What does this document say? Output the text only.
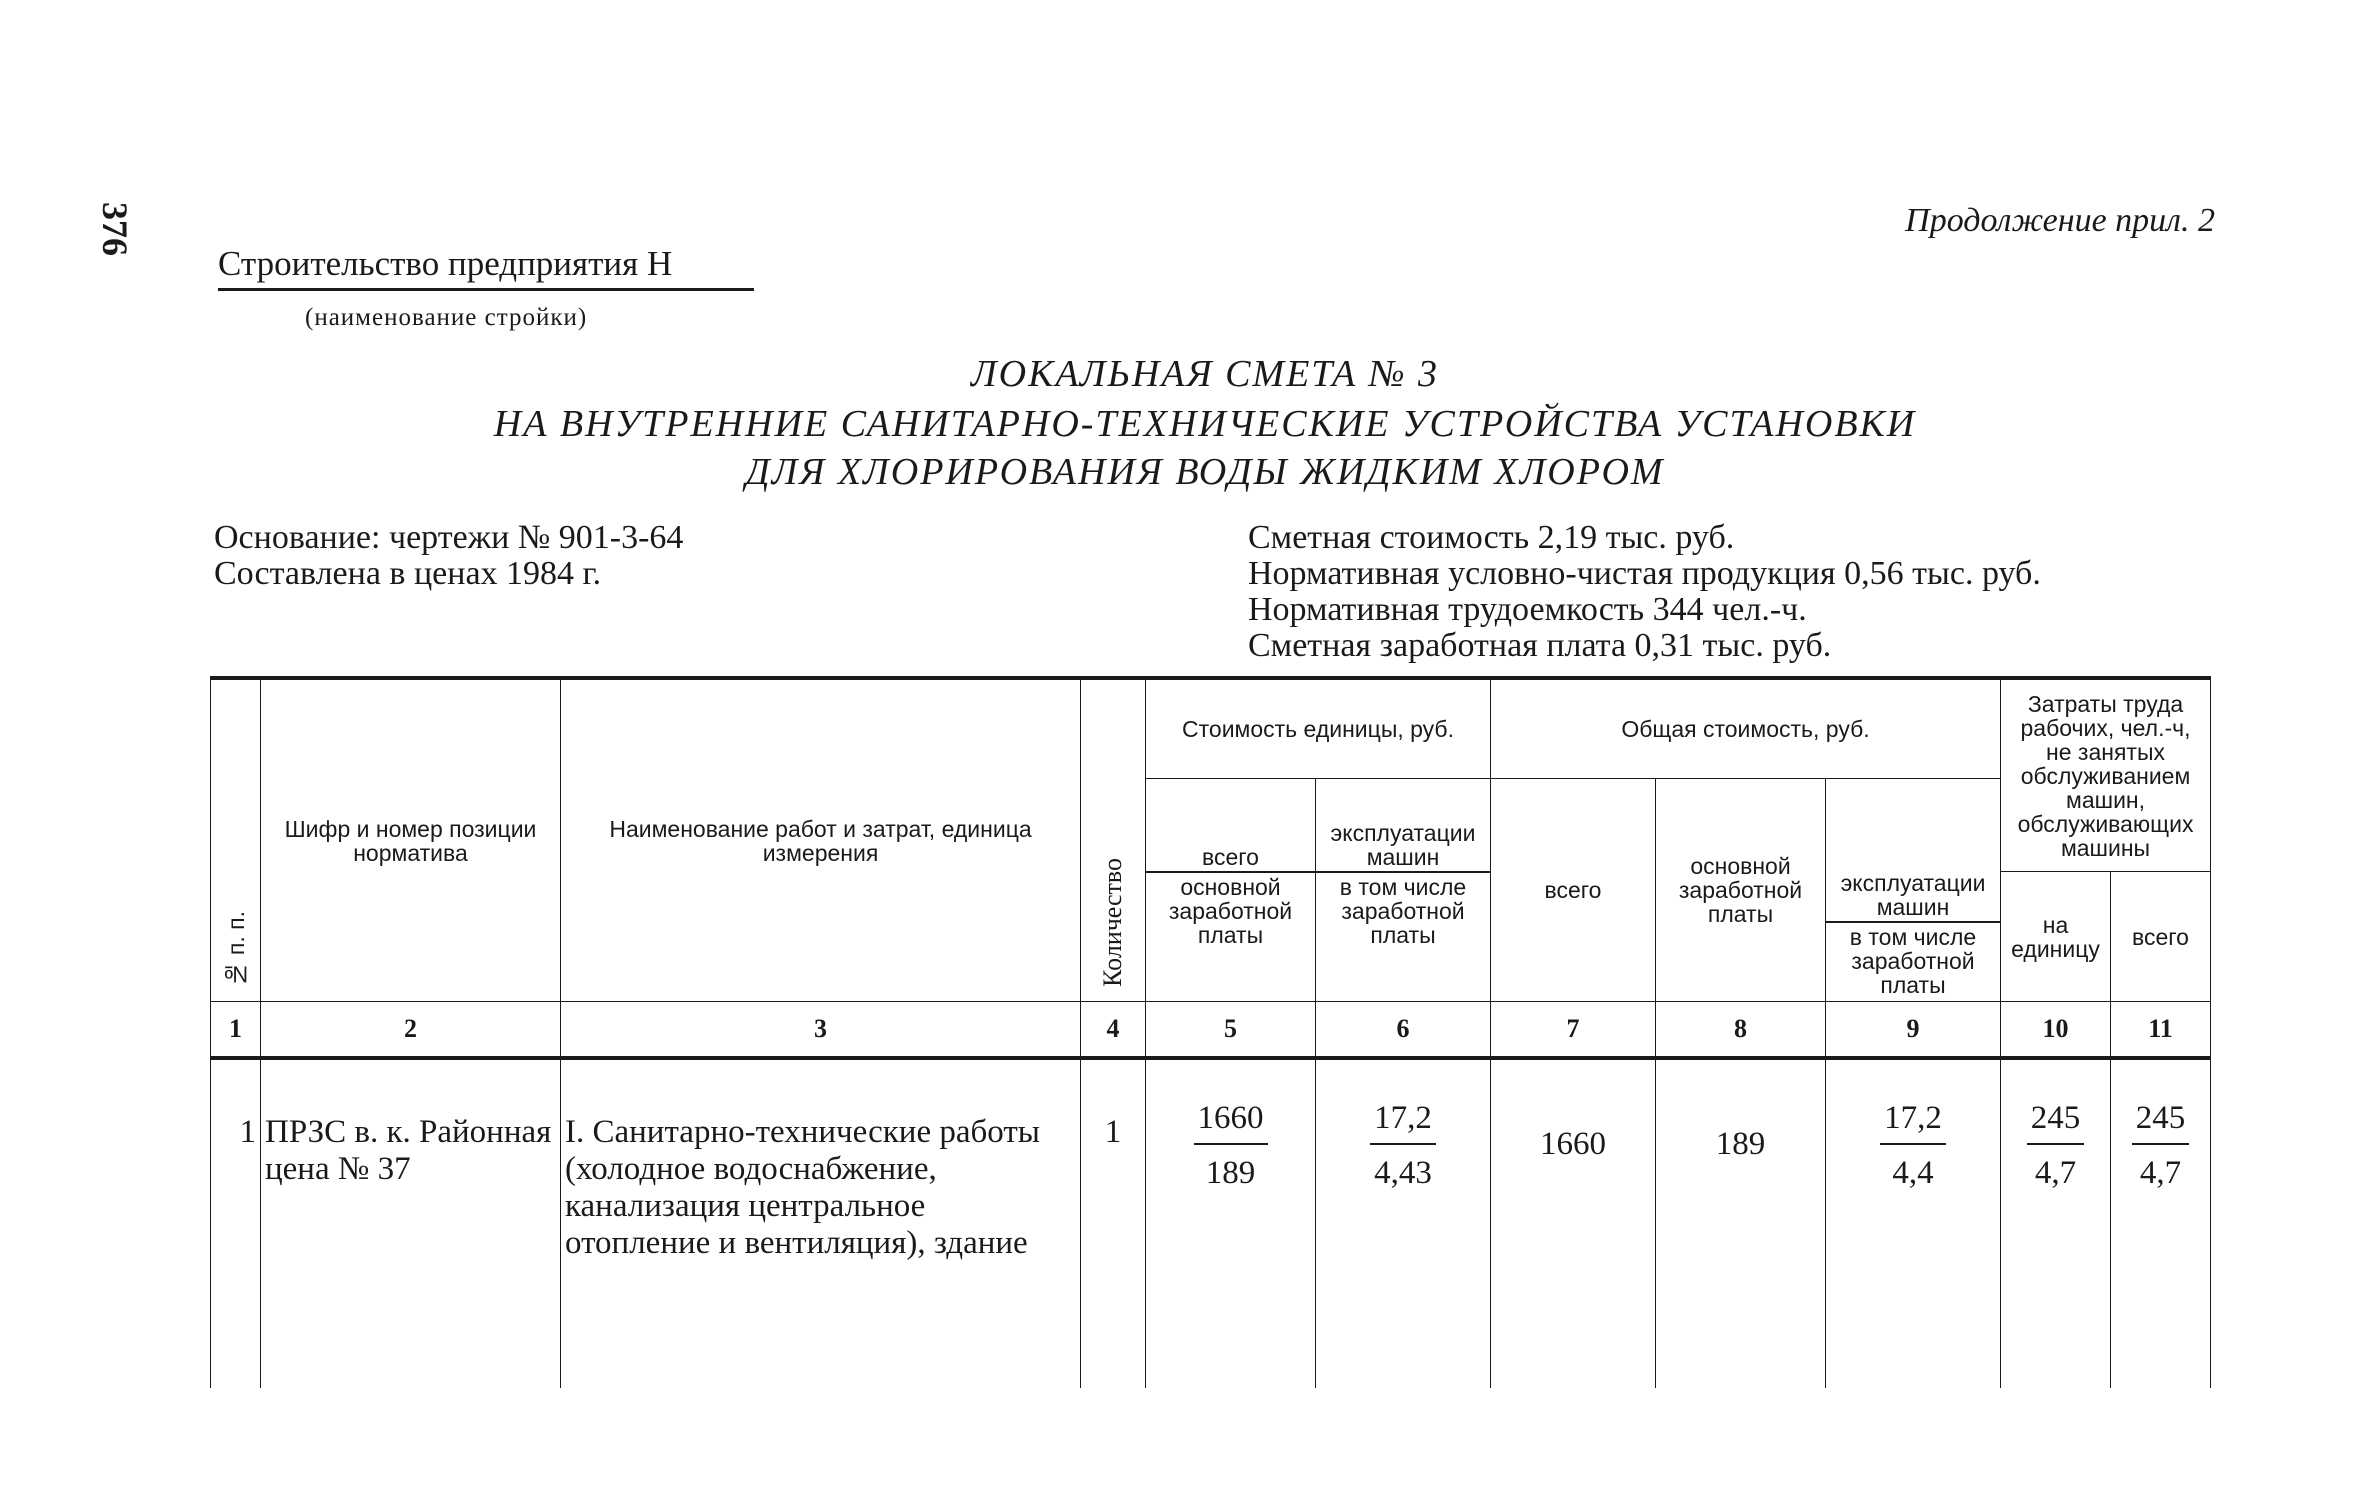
376	Продолжение прил. 2
Строительство предприятия Н
(наименование стройки)
ЛОКАЛЬНАЯ СМЕТА № 3
НА ВНУТРЕННИЕ САНИТАРНО-ТЕХНИЧЕСКИЕ УСТРОЙСТВА УСТАНОВКИ
ДЛЯ ХЛОРИРОВАНИЯ ВОДЫ ЖИДКИМ ХЛОРОМ
Основание: чертежи № 901-3-64
Составлена в ценах 1984 г.
Сметная стоимость 2,19 тыс. руб.
Нормативная условно-чистая продукция 0,56 тыс. руб.
Нормативная трудоемкость 344 чел.-ч.
Сметная заработная плата 0,31 тыс. руб.
№ п. п.	Шифр и номер позиции норматива	Наименование работ и затрат, единица измерения	Количество	Стоимость единицы, руб.		Общая стоимость, руб.			Затраты труда рабочих, чел.-ч, не занятых обслуживанием машин, обслуживающих машины	
				всего	эксплуатации машин	всего	основной заработной платы	эксплуатации машин		
				основной заработной платы	в том числе заработной платы				на единицу	всего
								в том числе заработной платы		
1	2	3	4	5	6	7	8	9	10	11
1	ПРЗС в. к. Районная цена № 37	I. Санитарно-технические работы (холодное водоснабжение, канализация центральное отопление и вентиляция), здание	1	$\frac{1660}{189}$	$\frac{17,2}{4,43}$	1660	189	$\frac{17,2}{4,4}$	$\frac{245}{4,7}$	$\frac{245}{4,7}$
